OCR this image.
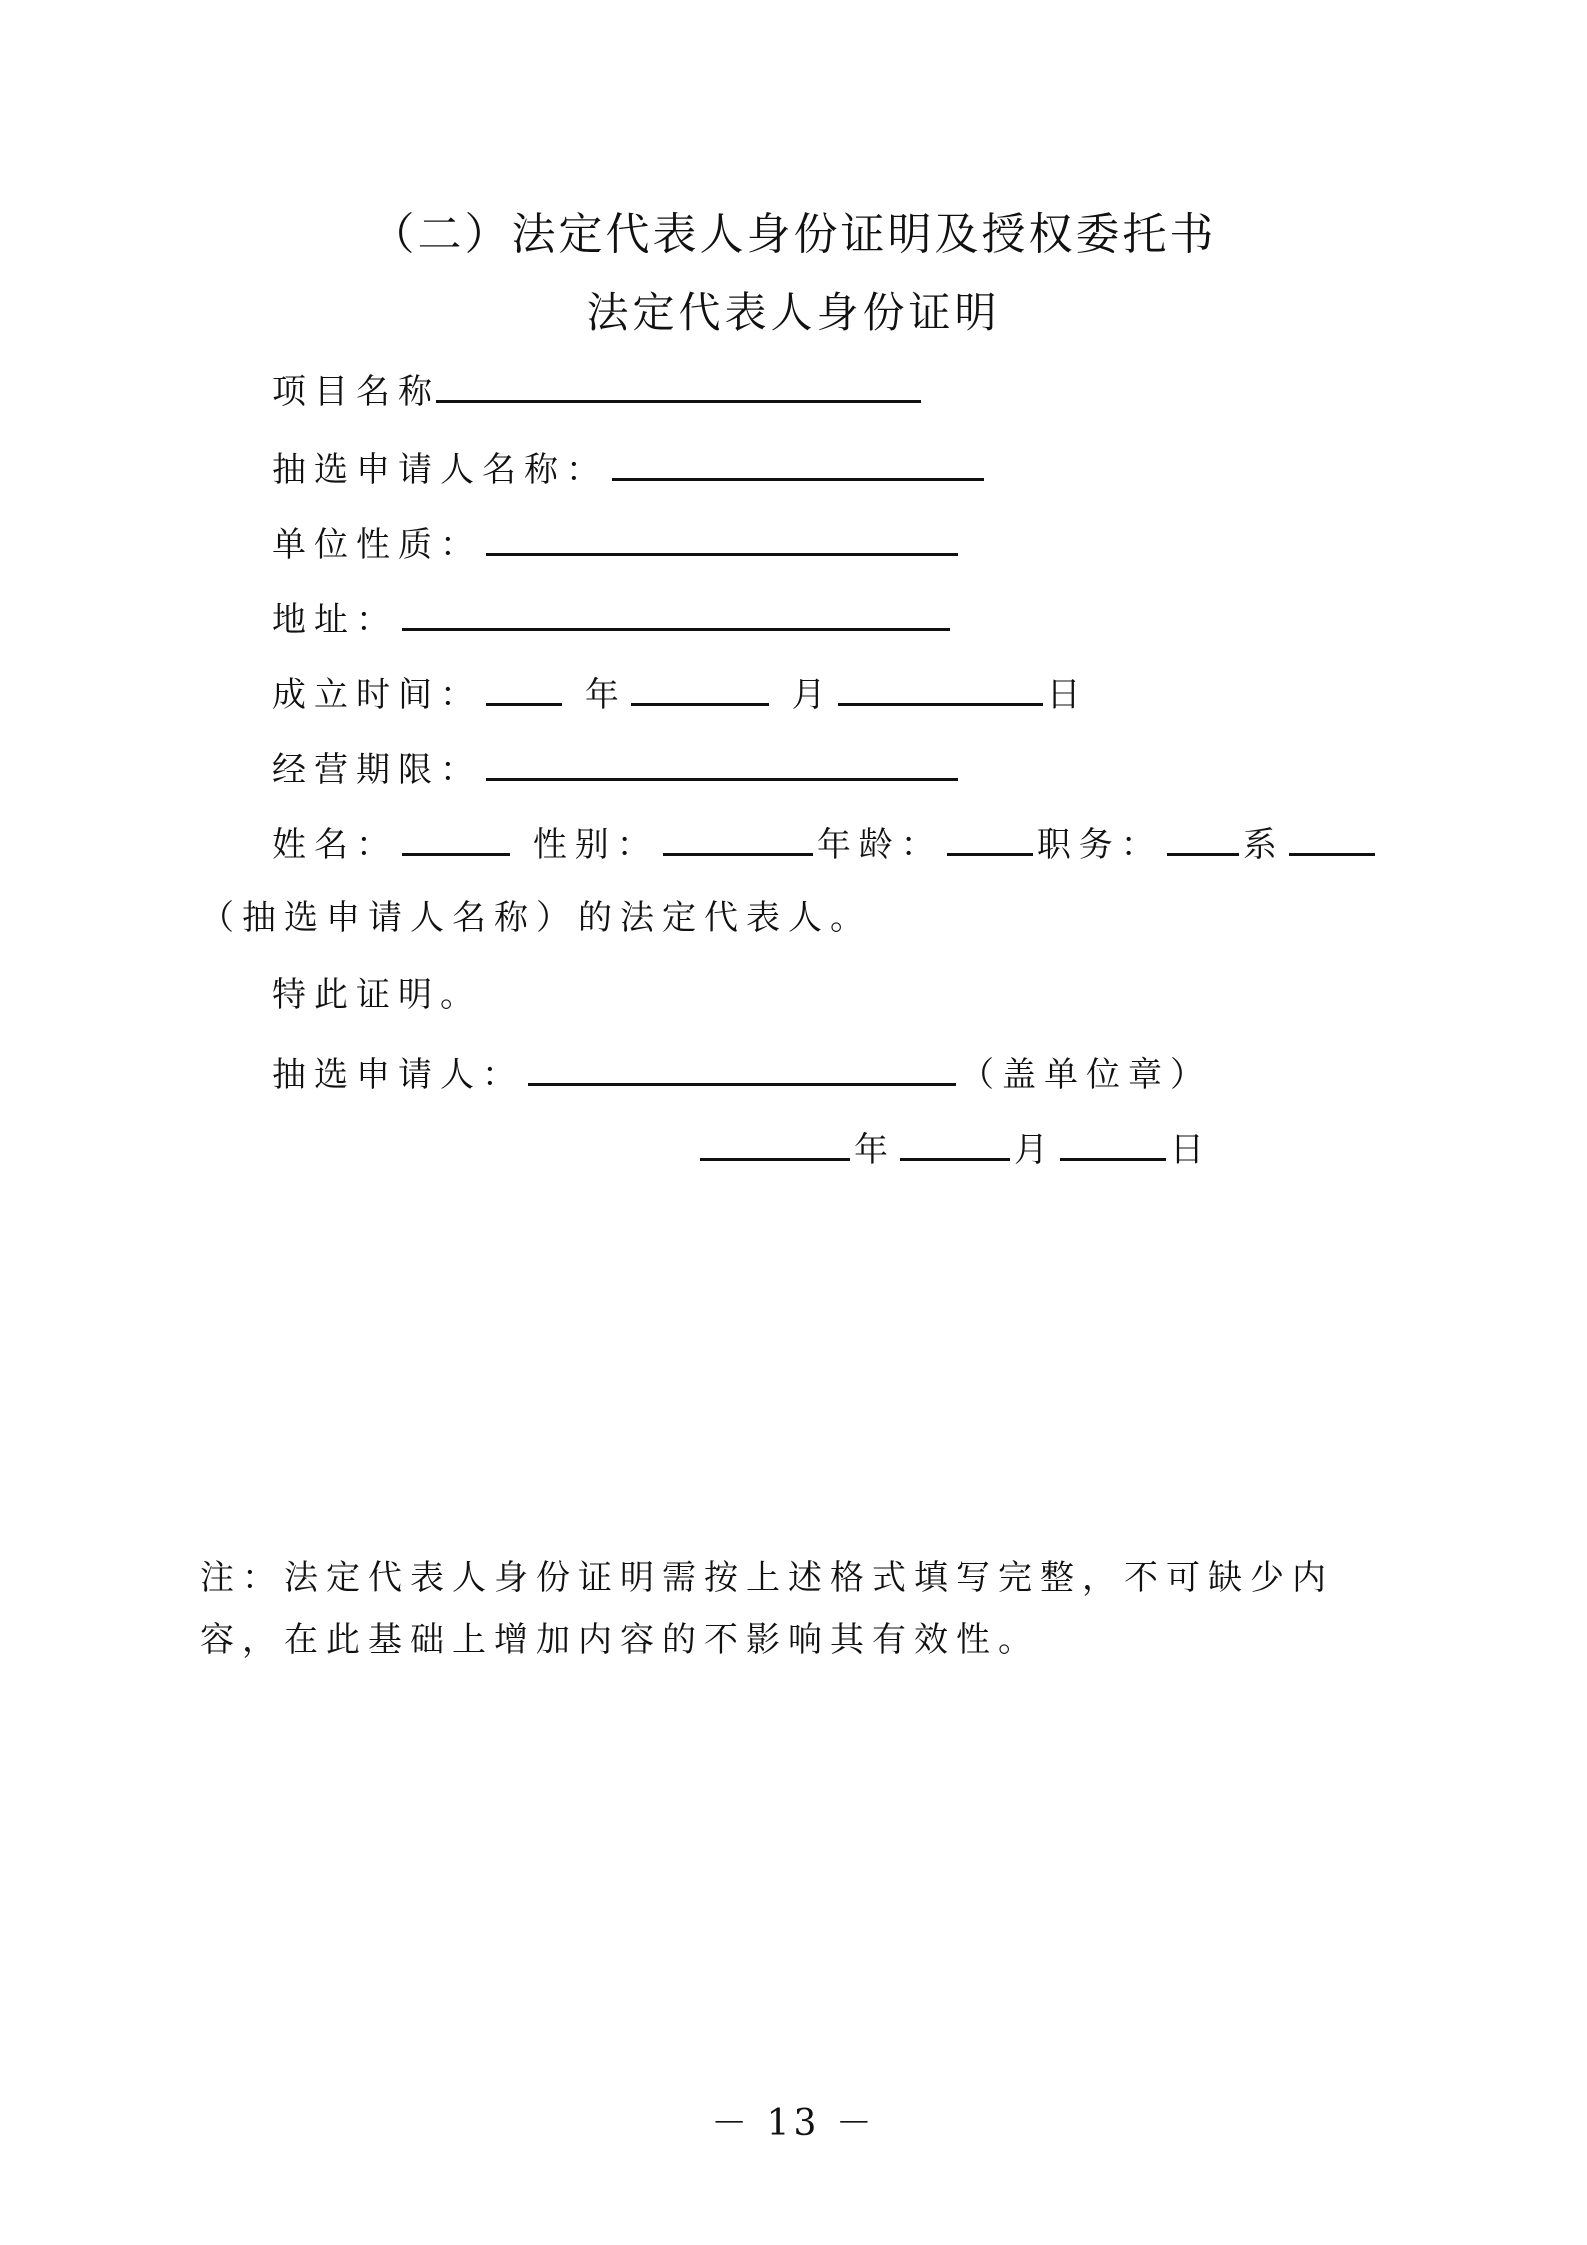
（二）法定代表人身份证明及授权委托书
法定代表人身份证明
项目名称
抽选申请人名称：
单位性质：
地址：
成立时间：	年	月	日
经营期限：
姓名：	性别：	年龄：	职务： 系
（抽选申请人名称）的法定代表人。
特此证明。
抽选申请人：	（盖单位章）
年	月	日
注：法定代表人身份证明需按上述格式填写完整，不可缺少内容，在此基础上增加内容的不影响其有效性。
－ 13 －
